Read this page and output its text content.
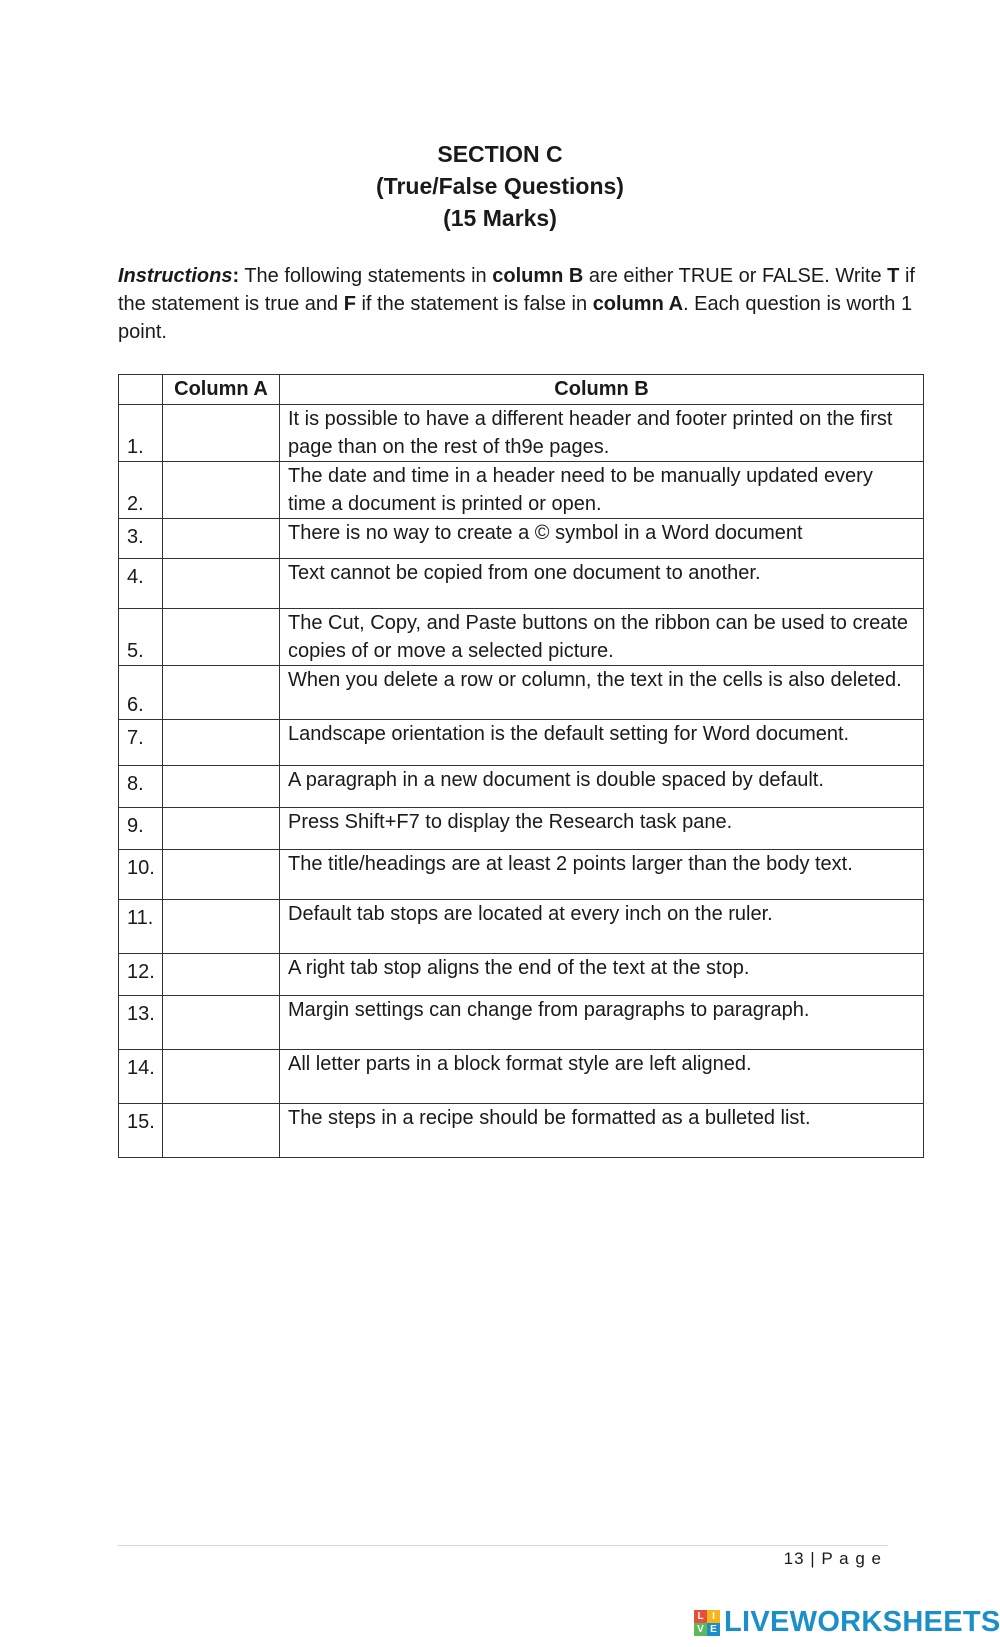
SECTION C
(True/False Questions)
(15 Marks)
Instructions: The following statements in column B are either TRUE or FALSE. Write T if the statement is true and F if the statement is false in column A. Each question is worth 1 point.
	Column A	Column B
1.		It is possible to have a different header and footer printed on the first page than on the rest of th9e pages.
2.		The date and time in a header need to be manually updated every time a document is printed or open.
3.		There is no way to create a © symbol in a Word document
4.		Text cannot be copied from one document to another.
5.		The Cut, Copy, and Paste buttons on the ribbon can be used to create copies of or move a selected picture.
6.		When you delete a row or column, the text in the cells is also deleted.
7.		Landscape orientation is the default setting for Word document.
8.		A paragraph in a new document is double spaced by default.
9.		Press Shift+F7 to display the Research task pane.
10.		The title/headings are at least 2 points larger than the body text.
11.		Default tab stops are located at every inch on the ruler.
12.		A right tab stop aligns the end of the text at the stop.
13.		Margin settings can change from paragraphs to paragraph.
14.		All letter parts in a block format style are left aligned.
15.		The steps in a recipe should be formatted as a bulleted list.
13 | P a g e
L I
V E LIVEWORKSHEETS
